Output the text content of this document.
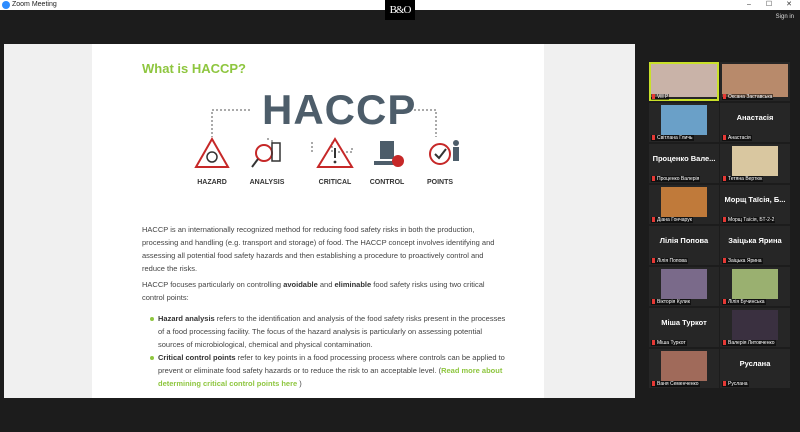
Zoom Meeting	–	☐	✕
B&O
Sign in
What is HACCP?
HACCP
HAZARD	ANALYSIS	CRITICAL	CONTROL	POINTS
HACCP is an internationally recognized method for reducing food safety risks in both the production, processing and handling (e.g. transport and storage) of food. The HACCP concept involves identifying and assessing all potential food safety hazards and then establishing a procedure to proactively control and reduce the risks.
HACCP focuses particularly on controlling avoidable and eliminable food safety risks using two critical control points:
Hazard analysis refers to the identification and analysis of the food safety risks present in the processes of a food processing facility. The focus of the hazard analysis is particularly on assessing potential sources of microbiological, chemical and physical contamination.
Critical control points refer to key points in a food processing process where controls can be applied to prevent or eliminate food safety hazards or to reduce the risk to an acceptable level. (Read more about determining critical control points here )
Vill P	Оксана Заставська
Світлана Гличь
Анастасія
Анастасія
Проценко Вале...
Проценко Валерія	Тетяна Вертюк
Діана Гончарук
Морщ Таїсія, Б...
Морщ Таїсія, БТ-2-2
Лілія Попова
Лілія Попова
Заіцька Ярина
Заіцька Ярина
Вікторія Кулик	Лілія Бучинська
Міша Туркот
Міша Туркот	Валерія Литовченко
Ваня Семенченко
Руслана
Руслана
